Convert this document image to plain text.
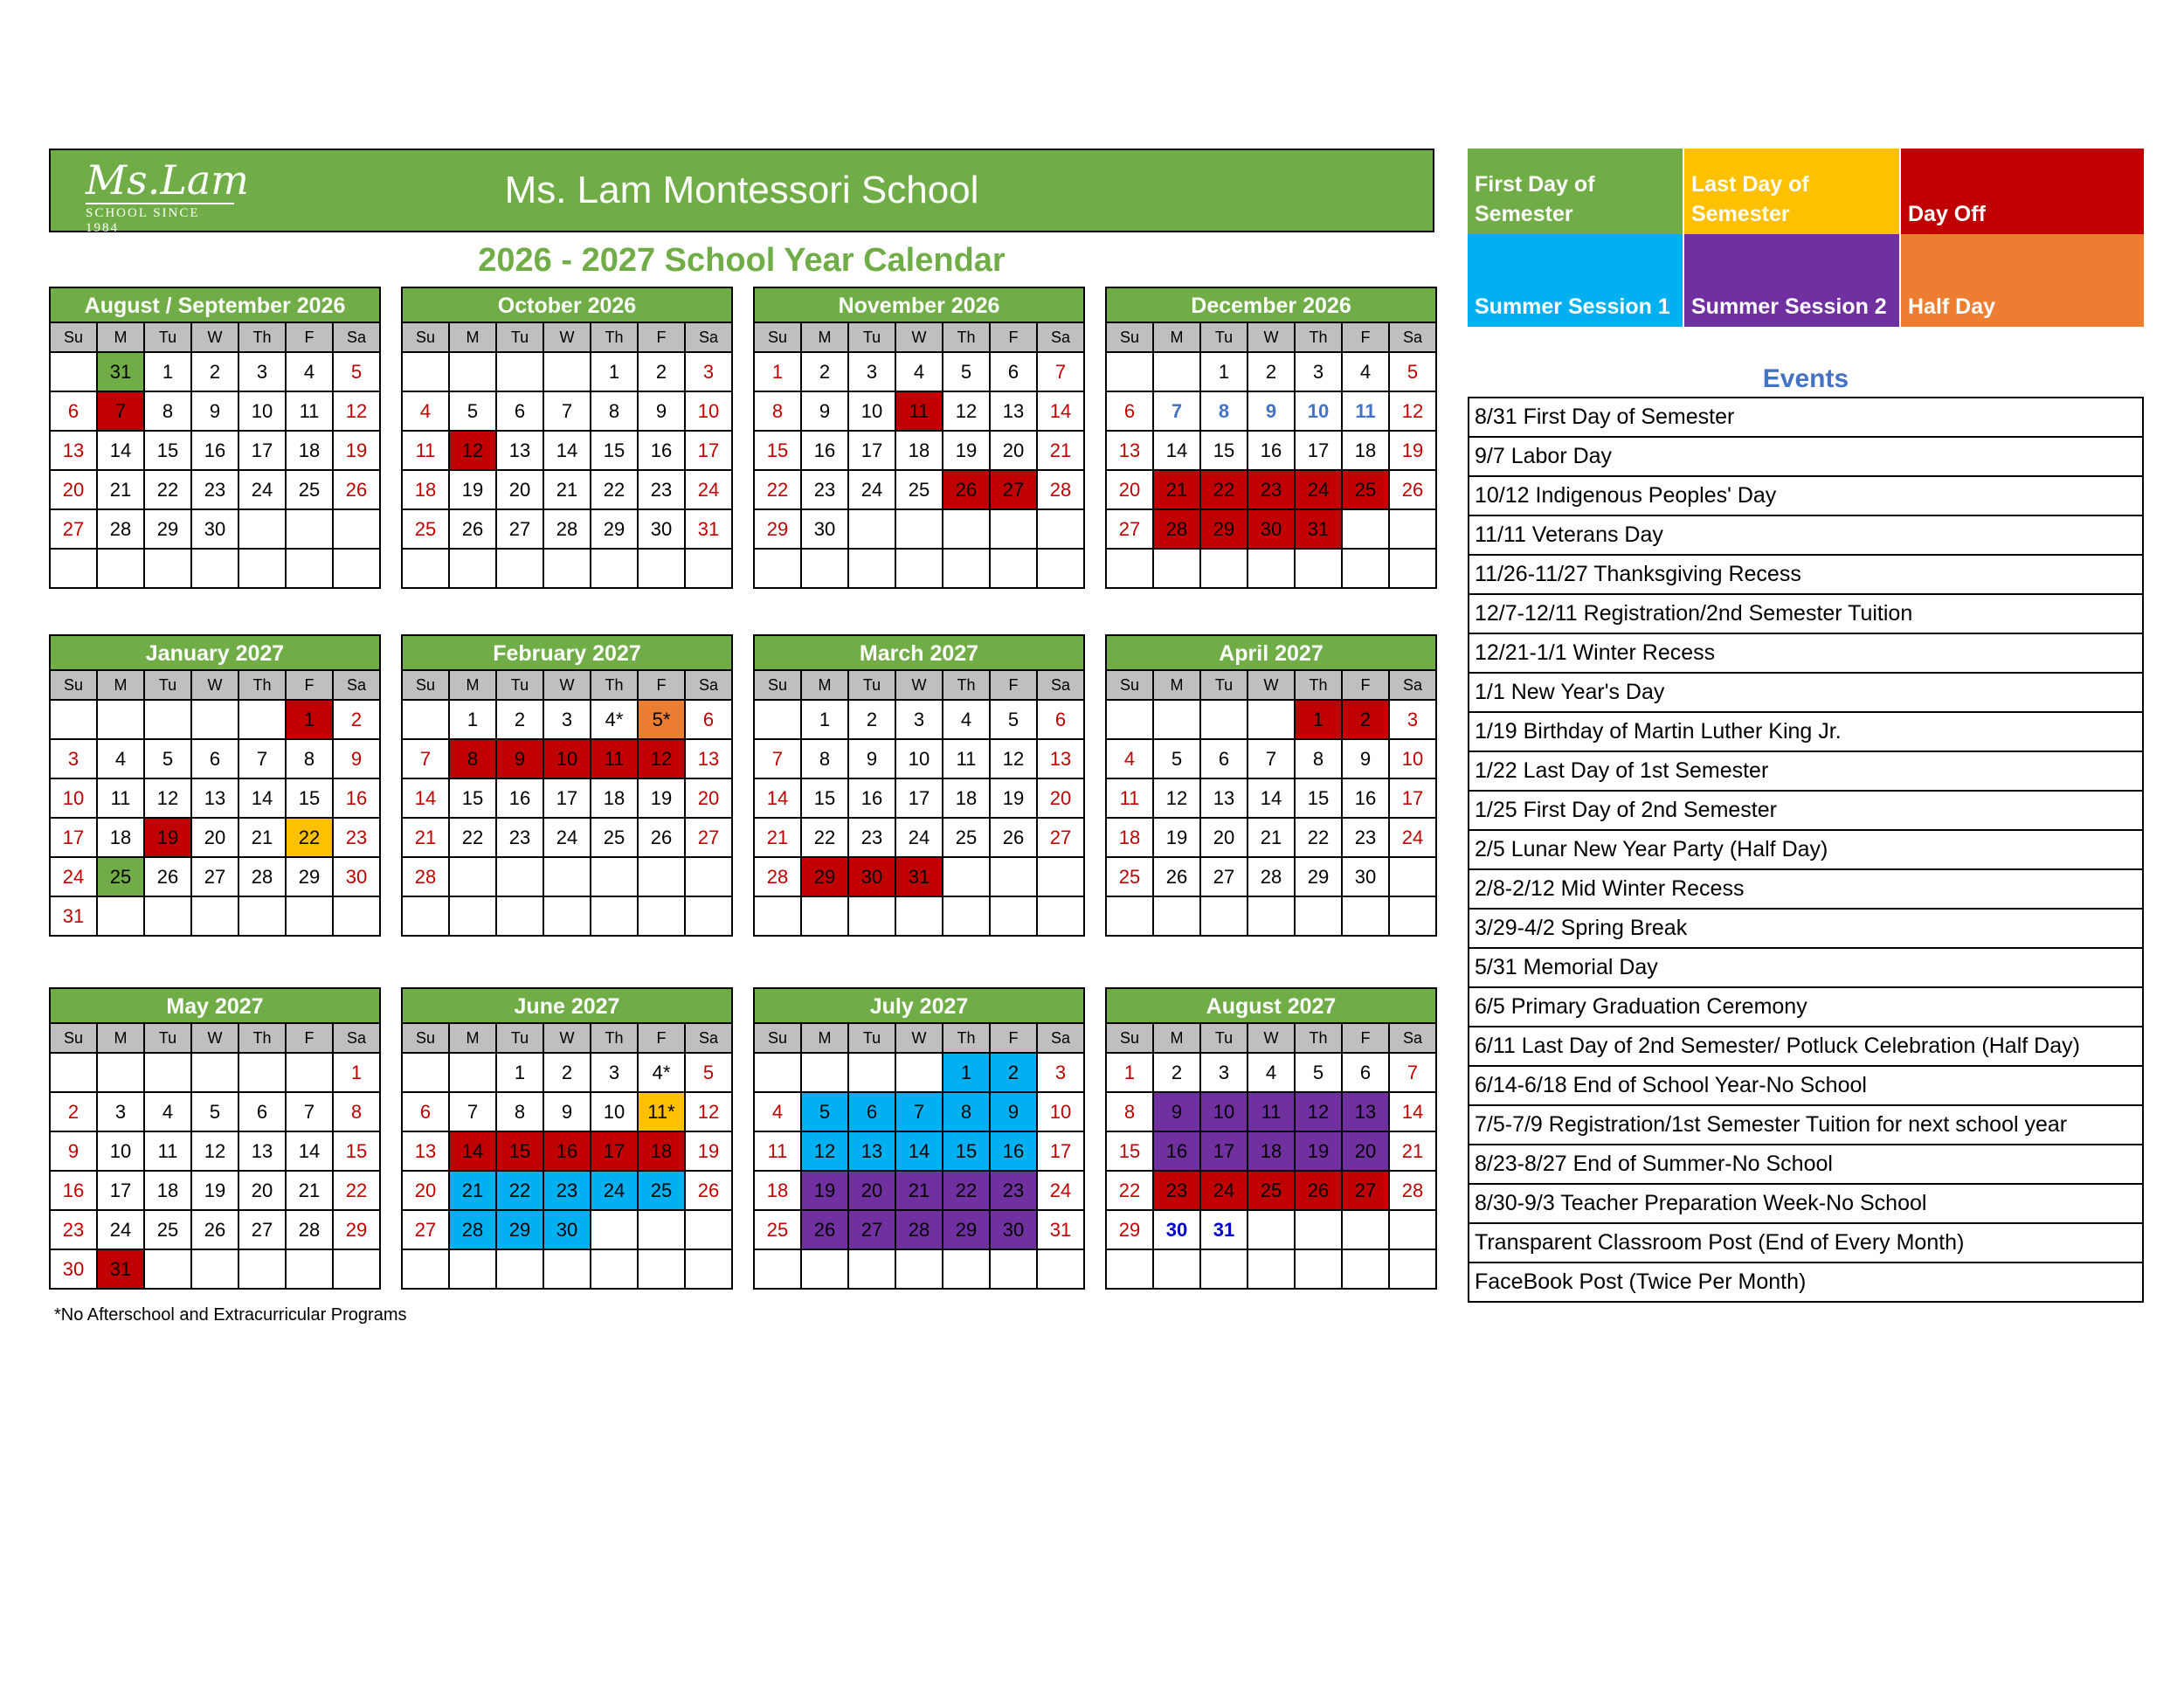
Ms.Lam
SCHOOL SINCE 1984
Ms. Lam Montessori School
2026 - 2027 School Year Calendar
August / September 2026
Su	M	Tu	W	Th	F	Sa
	31	1	2	3	4	5
6	7	8	9	10	11	12
13	14	15	16	17	18	19
20	21	22	23	24	25	26
27	28	29	30			

October 2026
Su	M	Tu	W	Th	F	Sa
				1	2	3
4	5	6	7	8	9	10
11	12	13	14	15	16	17
18	19	20	21	22	23	24
25	26	27	28	29	30	31

November 2026
Su	M	Tu	W	Th	F	Sa
1	2	3	4	5	6	7
8	9	10	11	12	13	14
15	16	17	18	19	20	21
22	23	24	25	26	27	28
29	30					

December 2026
Su	M	Tu	W	Th	F	Sa
		1	2	3	4	5
6	7	8	9	10	11	12
13	14	15	16	17	18	19
20	21	22	23	24	25	26
27	28	29	30	31		

January 2027
Su	M	Tu	W	Th	F	Sa
					1	2
3	4	5	6	7	8	9
10	11	12	13	14	15	16
17	18	19	20	21	22	23
24	25	26	27	28	29	30
31						
February 2027
Su	M	Tu	W	Th	F	Sa
	1	2	3	4*	5*	6
7	8	9	10	11	12	13
14	15	16	17	18	19	20
21	22	23	24	25	26	27
28						

March 2027
Su	M	Tu	W	Th	F	Sa
	1	2	3	4	5	6
7	8	9	10	11	12	13
14	15	16	17	18	19	20
21	22	23	24	25	26	27
28	29	30	31			

April 2027
Su	M	Tu	W	Th	F	Sa
				1	2	3
4	5	6	7	8	9	10
11	12	13	14	15	16	17
18	19	20	21	22	23	24
25	26	27	28	29	30	

May 2027
Su	M	Tu	W	Th	F	Sa
						1
2	3	4	5	6	7	8
9	10	11	12	13	14	15
16	17	18	19	20	21	22
23	24	25	26	27	28	29
30	31					
June 2027
Su	M	Tu	W	Th	F	Sa
		1	2	3	4*	5
6	7	8	9	10	11*	12
13	14	15	16	17	18	19
20	21	22	23	24	25	26
27	28	29	30			

July 2027
Su	M	Tu	W	Th	F	Sa
				1	2	3
4	5	6	7	8	9	10
11	12	13	14	15	16	17
18	19	20	21	22	23	24
25	26	27	28	29	30	31

August 2027
Su	M	Tu	W	Th	F	Sa
1	2	3	4	5	6	7
8	9	10	11	12	13	14
15	16	17	18	19	20	21
22	23	24	25	26	27	28
29	30	31				

*No Afterschool and Extracurricular Programs
First Day of Semester
Last Day of Semester	Day Off
Summer Session 1 Summer Session 2 Half Day
Events
8/31 First Day of Semester
9/7 Labor Day
10/12 Indigenous Peoples' Day
11/11 Veterans Day
11/26-11/27 Thanksgiving Recess
12/7-12/11 Registration/2nd Semester Tuition
12/21-1/1 Winter Recess
1/1 New Year's Day
1/19 Birthday of Martin Luther King Jr.
1/22 Last Day of 1st Semester
1/25 First Day of 2nd Semester
2/5 Lunar New Year Party (Half Day)
2/8-2/12 Mid Winter Recess
3/29-4/2 Spring Break
5/31 Memorial Day
6/5 Primary Graduation Ceremony
6/11 Last Day of 2nd Semester/ Potluck Celebration (Half Day)
6/14-6/18 End of School Year-No School
7/5-7/9 Registration/1st Semester Tuition for next school year
8/23-8/27 End of Summer-No School
8/30-9/3 Teacher Preparation Week-No School
Transparent Classroom Post (End of Every Month)
FaceBook Post (Twice Per Month)
